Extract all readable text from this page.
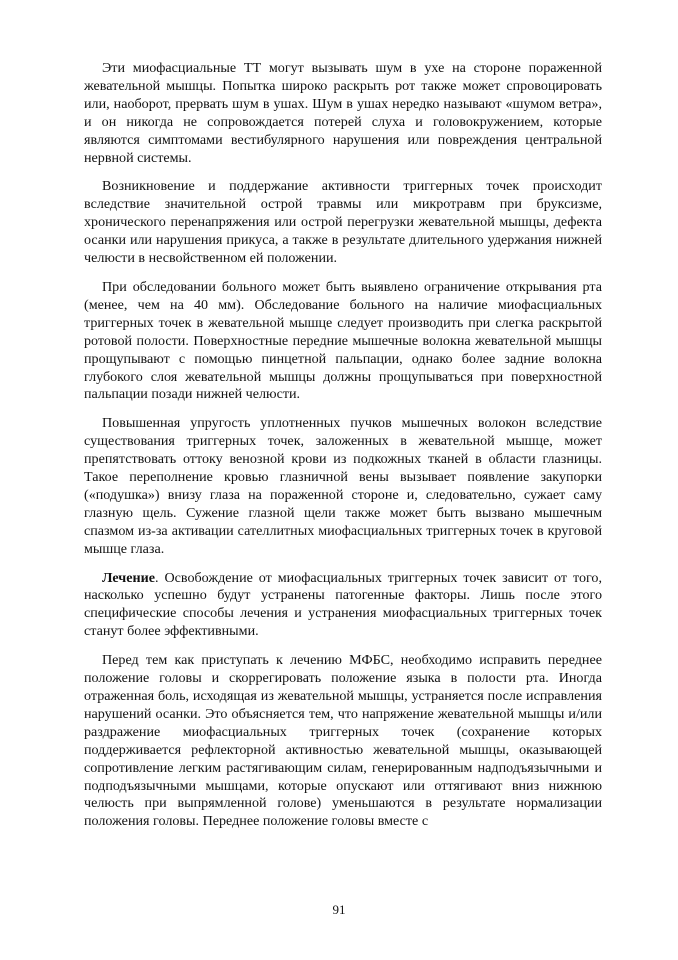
Эти миофасциальные ТТ могут вызывать шум в ухе на стороне пораженной жевательной мышцы. Попытка широко раскрыть рот также может спровоцировать или, наоборот, прервать шум в ушах. Шум в ушах нередко называют «шумом ветра», и он никогда не сопровождается потерей слуха и головокружением, которые являются симптомами вестибулярного нарушения или повреждения центральной нервной системы.

Возникновение и поддержание активности триггерных точек происходит вследствие значительной острой травмы или микротравм при бруксизме, хронического перенапряжения или острой перегрузки жевательной мышцы, дефекта осанки или нарушения прикуса, а также в результате длительного удержания нижней челюсти в несвойственном ей положении.

При обследовании больного может быть выявлено ограничение открывания рта (менее, чем на 40 мм). Обследование больного на наличие миофасциальных триггерных точек в жевательной мышце следует производить при слегка раскрытой ротовой полости. Поверхностные передние мышечные волокна жевательной мышцы прощупывают с помощью пинцетной пальпации, однако более задние волокна глубокого слоя жевательной мышцы должны прощупываться при поверхностной пальпации позади нижней челюсти.

Повышенная упругость уплотненных пучков мышечных волокон вследствие существования триггерных точек, заложенных в жевательной мышце, может препятствовать оттоку венозной крови из подкожных тканей в области глазницы. Такое переполнение кровью глазничной вены вызывает появление закупорки («подушка») внизу глаза на пораженной стороне и, следовательно, сужает саму глазную щель. Сужение глазной щели также может быть вызвано мышечным спазмом из-за активации сателлитных миофасциальных триггерных точек в круговой мышце глаза.

Лечение. Освобождение от миофасциальных триггерных точек зависит от того, насколько успешно будут устранены патогенные факторы. Лишь после этого специфические способы лечения и устранения миофасциальных триггерных точек станут более эффективными.

Перед тем как приступать к лечению МФБС, необходимо исправить переднее положение головы и скоррегировать положение языка в полости рта. Иногда отраженная боль, исходящая из жевательной мышцы, устраняется после исправления нарушений осанки. Это объясняется тем, что напряжение жевательной мышцы и/или раздражение миофасциальных триггерных точек (сохранение которых поддерживается рефлекторной активностью жевательной мышцы, оказывающей сопротивление легким растягивающим силам, генерированным надподъязычными и подподъязычными мышцами, которые опускают или оттягивают вниз нижнюю челюсть при выпрямленной голове) уменьшаются в результате нормализации положения головы. Переднее положение головы вместе с

91
